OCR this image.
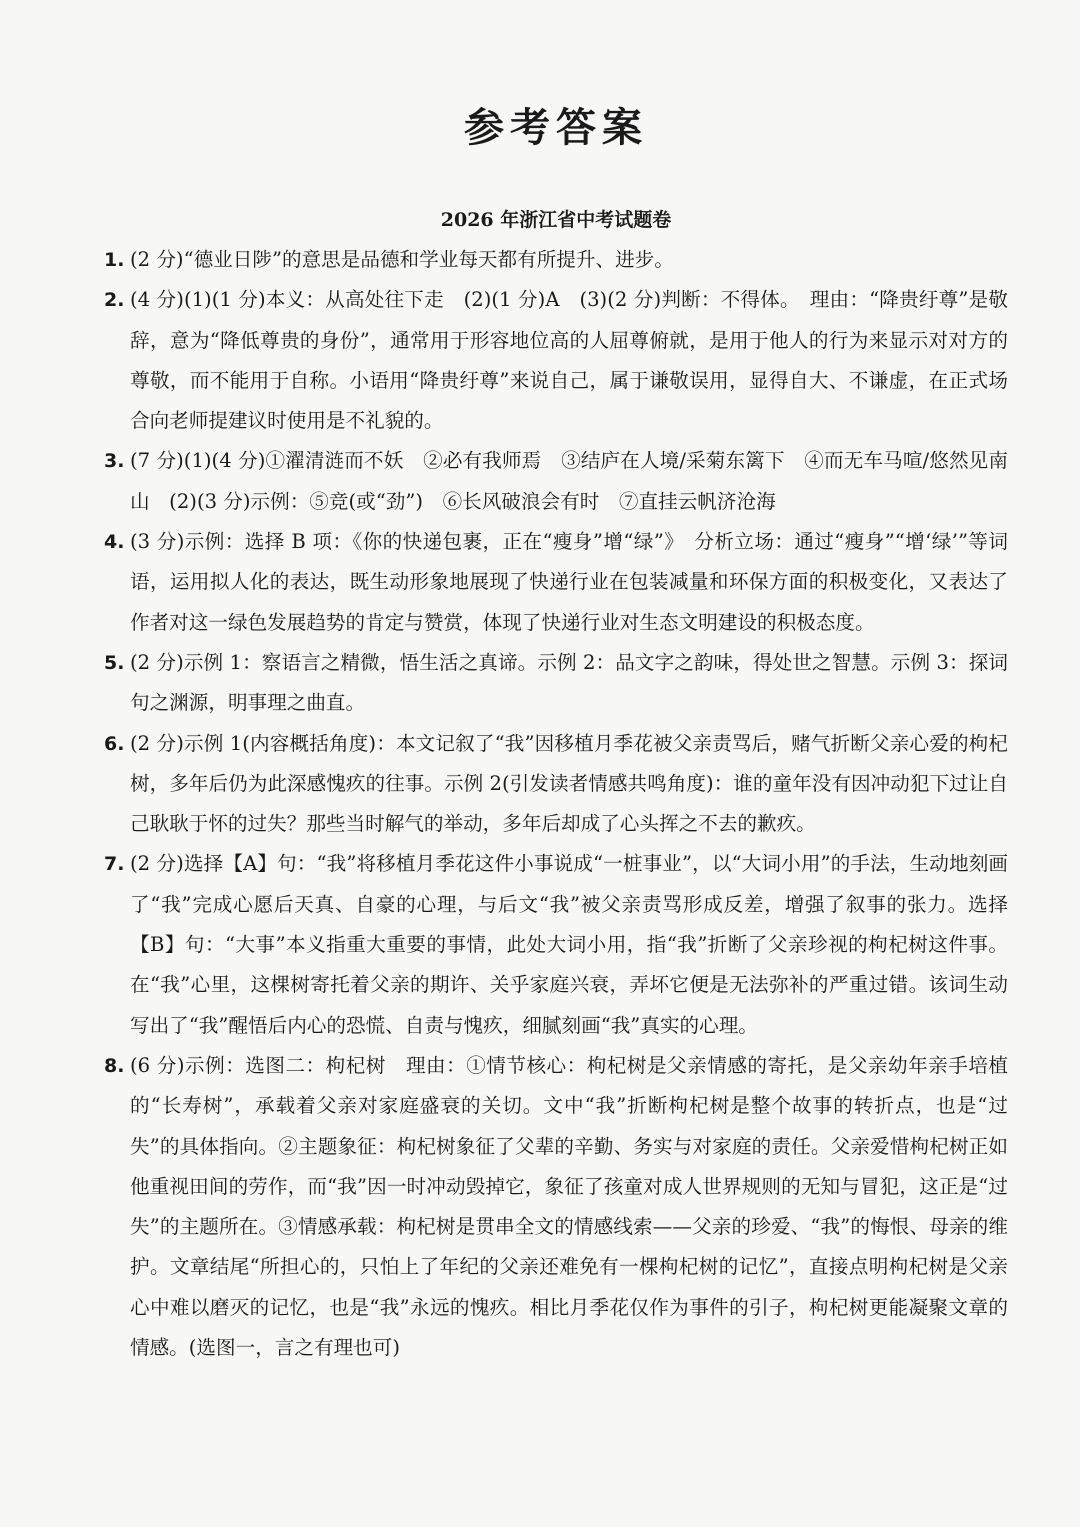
参考答案
2026 年浙江省中考试题卷
1. (2 分)“德业日陟”的意思是品德和学业每天都有所提升、进步。
2. (4 分)(1)(1 分)本义：从高处往下走　(2)(1 分)A　(3)(2 分)判断：不得体。　理由：“降贵纡尊”是敬辞，意为“降低尊贵的身份”，通常用于形容地位高的人屈尊俯就，是用于他人的行为来显示对对方的尊敬，而不能用于自称。小语用“降贵纡尊”来说自己，属于谦敬误用，显得自大、不谦虚，在正式场合向老师提建议时使用是不礼貌的。
3. (7 分)(1)(4 分)①濯清涟而不妖　②必有我师焉　③结庐在人境/采菊东篱下　④而无车马喧/悠然见南山　(2)(3 分)示例：⑤竞(或“劲”)　⑥长风破浪会有时　⑦直挂云帆济沧海
4. (3 分)示例：选择 B 项：《你的快递包裹，正在“瘦身”增“绿”》　分析立场：通过“瘦身”“增‘绿’”等词语，运用拟人化的表达，既生动形象地展现了快递行业在包装减量和环保方面的积极变化，又表达了作者对这一绿色发展趋势的肯定与赞赏，体现了快递行业对生态文明建设的积极态度。
5. (2 分)示例 1：察语言之精微，悟生活之真谛。示例 2：品文字之韵味，得处世之智慧。示例 3：探词句之渊源，明事理之曲直。
6. (2 分)示例 1(内容概括角度)：本文记叙了“我”因移植月季花被父亲责骂后，赌气折断父亲心爱的枸杞树，多年后仍为此深感愧疚的往事。示例 2(引发读者情感共鸣角度)：谁的童年没有因冲动犯下过让自己耿耿于怀的过失？那些当时解气的举动，多年后却成了心头挥之不去的歉疚。
7. (2 分)选择【A】句：“我”将移植月季花这件小事说成“一桩事业”，以“大词小用”的手法，生动地刻画了“我”完成心愿后天真、自豪的心理，与后文“我”被父亲责骂形成反差，增强了叙事的张力。选择【B】句：“大事”本义指重大重要的事情，此处大词小用，指“我”折断了父亲珍视的枸杞树这件事。在“我”心里，这棵树寄托着父亲的期许、关乎家庭兴衰，弄坏它便是无法弥补的严重过错。该词生动写出了“我”醒悟后内心的恐慌、自责与愧疚，细腻刻画“我”真实的心理。
8. (6 分)示例：选图二：枸杞树　理由：①情节核心：枸杞树是父亲情感的寄托，是父亲幼年亲手培植的“长寿树”，承载着父亲对家庭盛衰的关切。文中“我”折断枸杞树是整个故事的转折点，也是“过失”的具体指向。②主题象征：枸杞树象征了父辈的辛勤、务实与对家庭的责任。父亲爱惜枸杞树正如他重视田间的劳作，而“我”因一时冲动毁掉它，象征了孩童对成人世界规则的无知与冒犯，这正是“过失”的主题所在。③情感承载：枸杞树是贯串全文的情感线索——父亲的珍爱、“我”的悔恨、母亲的维护。文章结尾“所担心的，只怕上了年纪的父亲还难免有一棵枸杞树的记忆”，直接点明枸杞树是父亲心中难以磨灭的记忆，也是“我”永远的愧疚。相比月季花仅作为事件的引子，枸杞树更能凝聚文章的情感。(选图一，言之有理也可)
